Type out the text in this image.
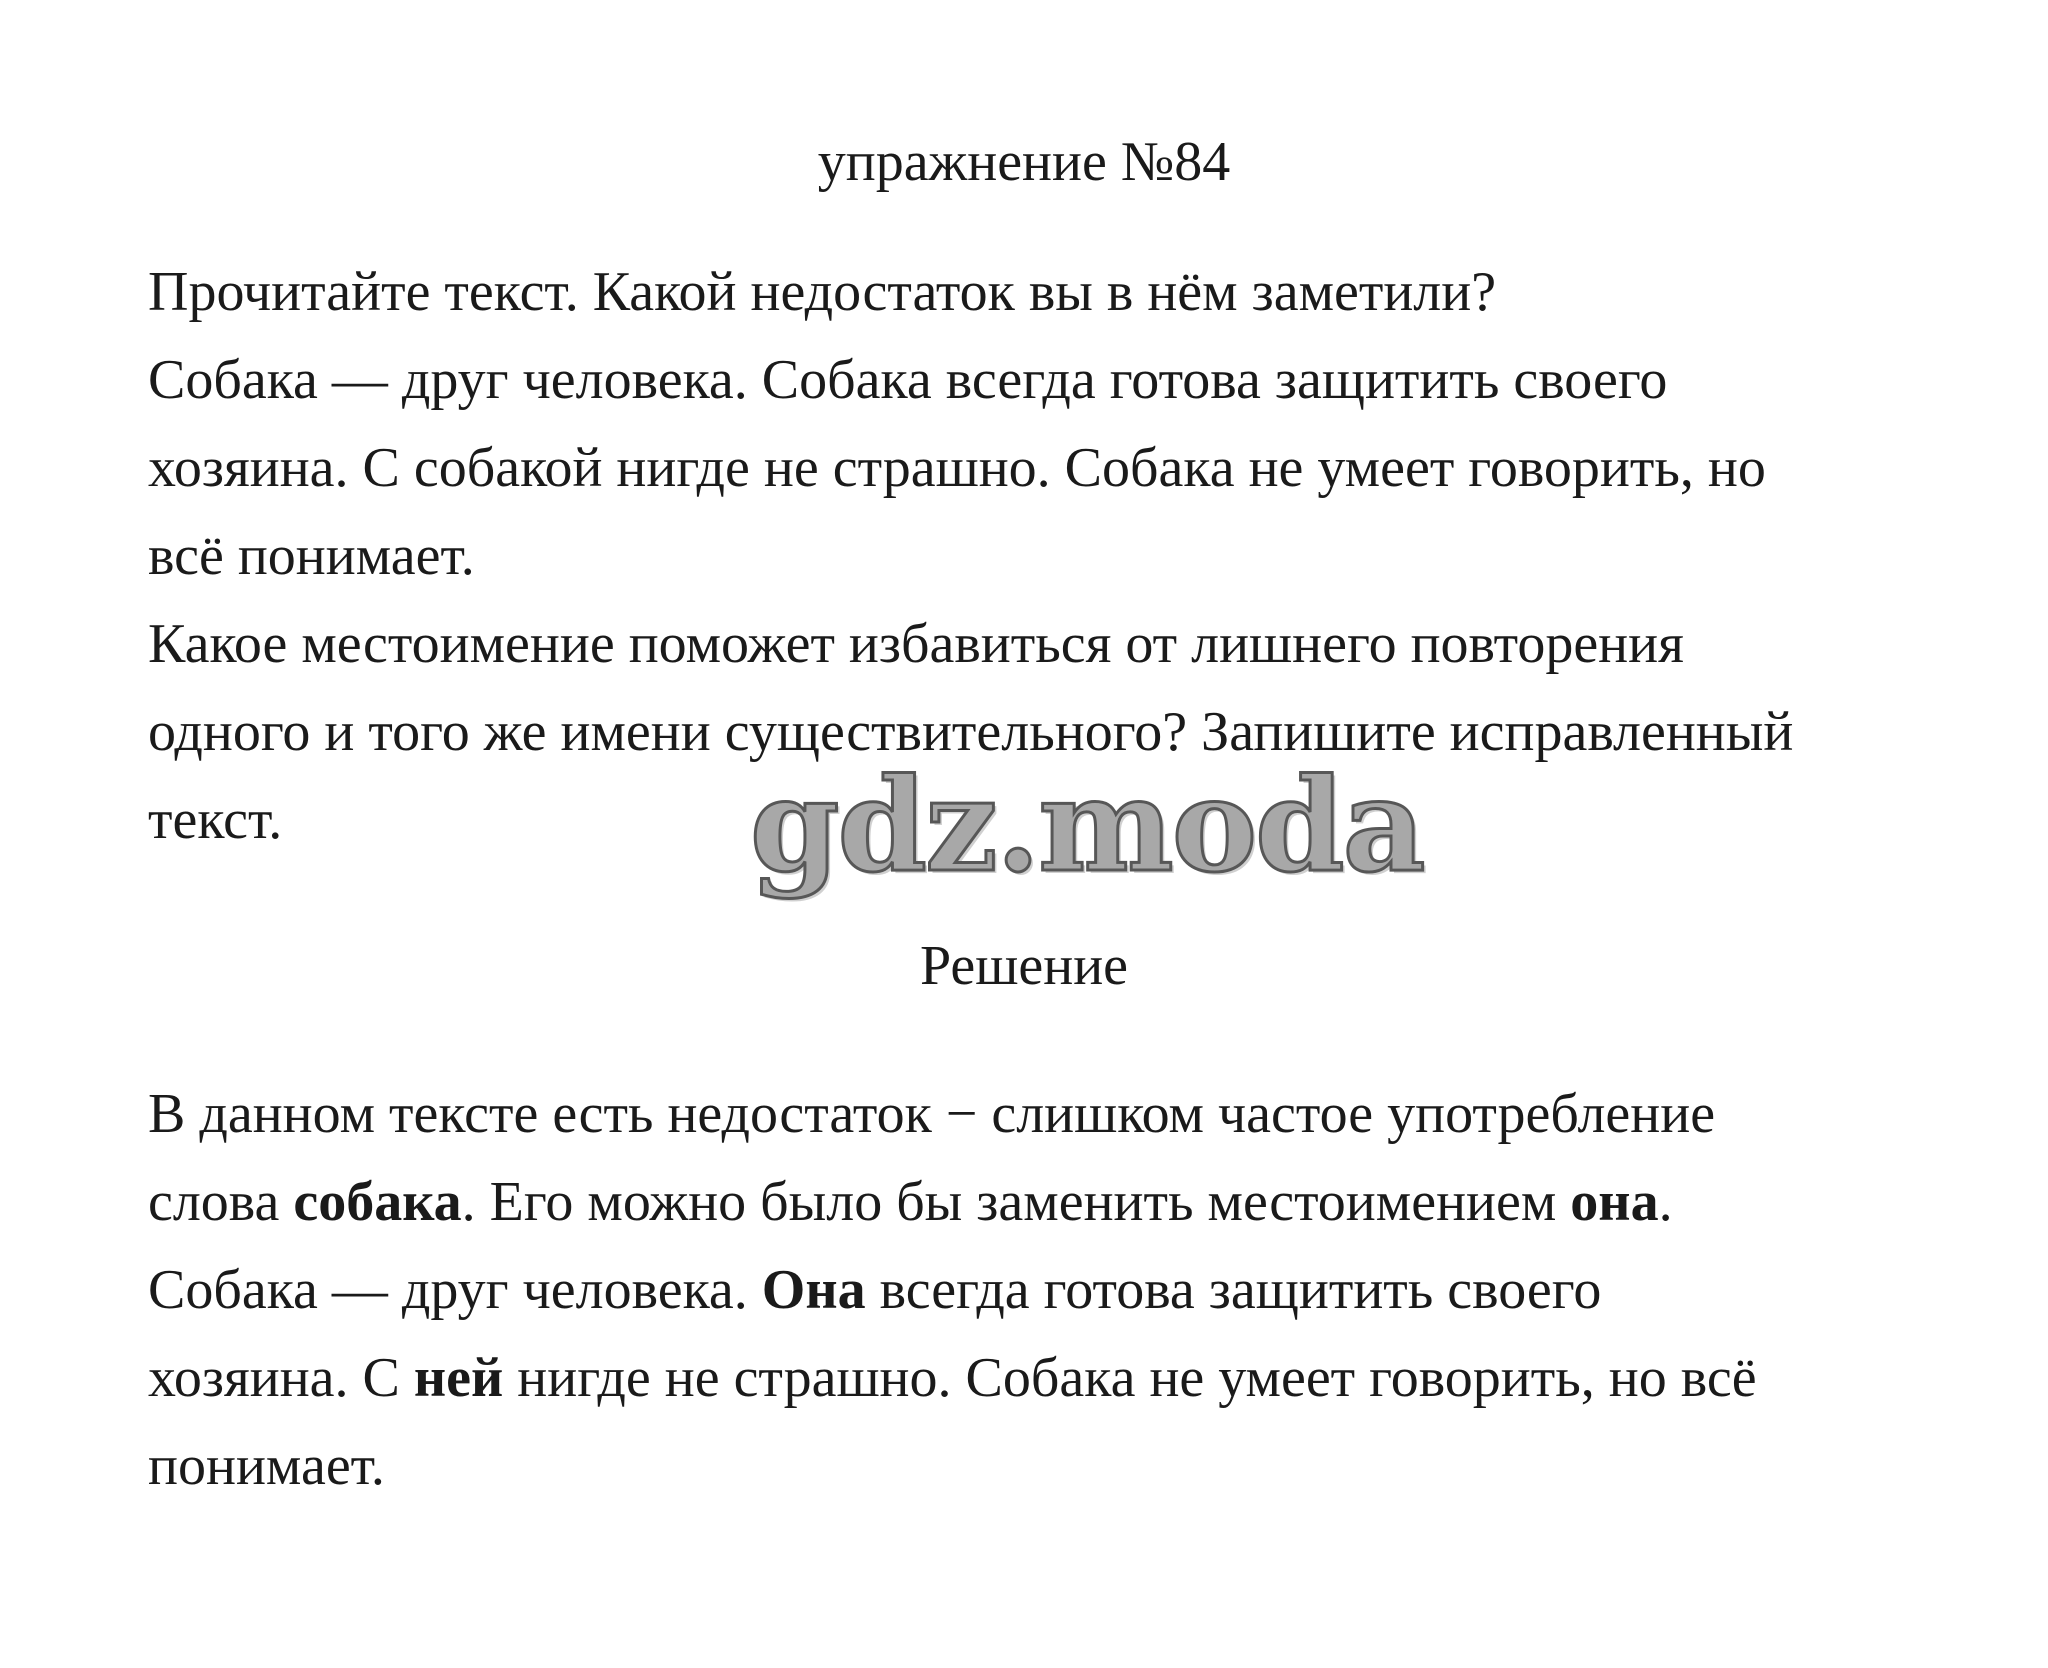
упражнение №84

Прочитайте текст. Какой недостаток вы в нём заметили?

Собака — друг человека. Собака всегда готова защитить своего

хозяина. С собакой нигде не страшно. Собака не умеет говорить, но

всё понимает.

Какое местоимение поможет избавиться от лишнего повторения

одного и того же имени существительного? Запишите исправленный

текст.	gdz.moda
Решение

В данном тексте есть недостаток − слишком частое употребление

слова собака. Его можно было бы заменить местоимением она.

Собака — друг человека. Она всегда готова защитить своего

хозяина. С ней нигде не страшно. Собака не умеет говорить, но всё

понимает.
